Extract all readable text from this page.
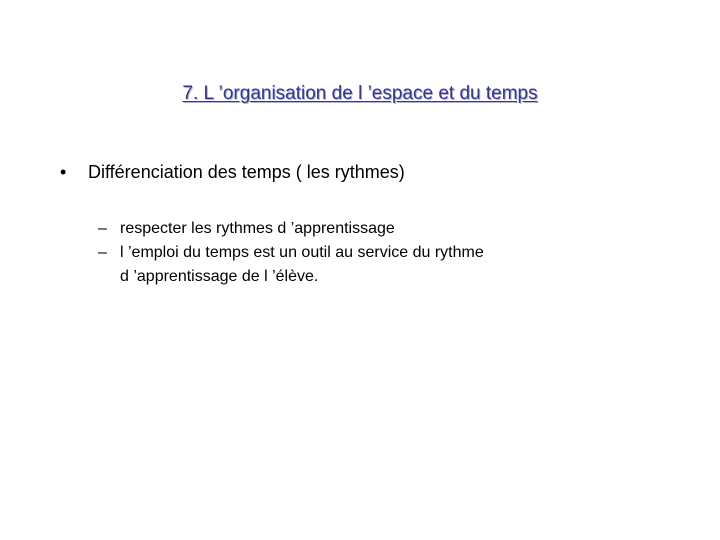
7. L ’organisation de l ’espace et du temps
• Différenciation des temps ( les rythmes)
– respecter les rythmes d ’apprentissage
– l ’emploi du temps est un outil au service du rythme
d ’apprentissage de l ’élève.
